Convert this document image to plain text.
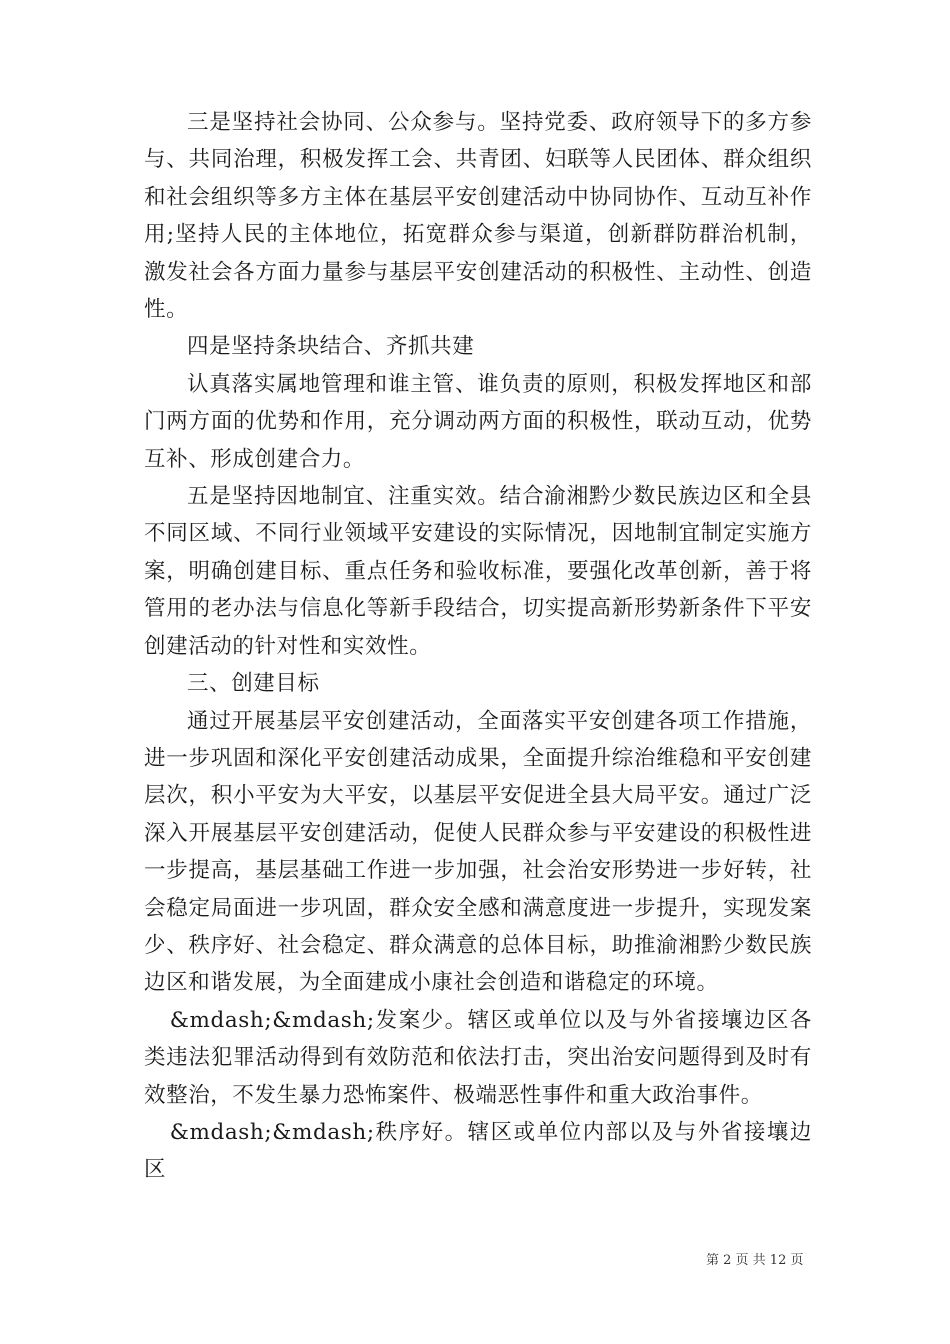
三是坚持社会协同、公众参与。坚持党委、政府领导下的多方参与、共同治理，积极发挥工会、共青团、妇联等人民团体、群众组织和社会组织等多方主体在基层平安创建活动中协同协作、互动互补作用;坚持人民的主体地位，拓宽群众参与渠道，创新群防群治机制，激发社会各方面力量参与基层平安创建活动的积极性、主动性、创造性。

四是坚持条块结合、齐抓共建

认真落实属地管理和谁主管、谁负责的原则，积极发挥地区和部门两方面的优势和作用，充分调动两方面的积极性，联动互动，优势互补、形成创建合力。

五是坚持因地制宜、注重实效。结合渝湘黔少数民族边区和全县不同区域、不同行业领域平安建设的实际情况，因地制宜制定实施方案，明确创建目标、重点任务和验收标准，要强化改革创新，善于将管用的老办法与信息化等新手段结合，切实提高新形势新条件下平安创建活动的针对性和实效性。

三、创建目标

通过开展基层平安创建活动，全面落实平安创建各项工作措施，进一步巩固和深化平安创建活动成果，全面提升综治维稳和平安创建层次，积小平安为大平安，以基层平安促进全县大局平安。通过广泛深入开展基层平安创建活动，促使人民群众参与平安建设的积极性进一步提高，基层基础工作进一步加强，社会治安形势进一步好转，社会稳定局面进一步巩固，群众安全感和满意度进一步提升，实现发案少、秩序好、社会稳定、群众满意的总体目标，助推渝湘黔少数民族边区和谐发展，为全面建成小康社会创造和谐稳定的环境。

&mdash;&mdash;发案少。辖区或单位以及与外省接壤边区各类违法犯罪活动得到有效防范和依法打击，突出治安问题得到及时有效整治，不发生暴力恐怖案件、极端恶性事件和重大政治事件。

&mdash;&mdash;秩序好。辖区或单位内部以及与外省接壤边区

第 2 页 共 12 页
